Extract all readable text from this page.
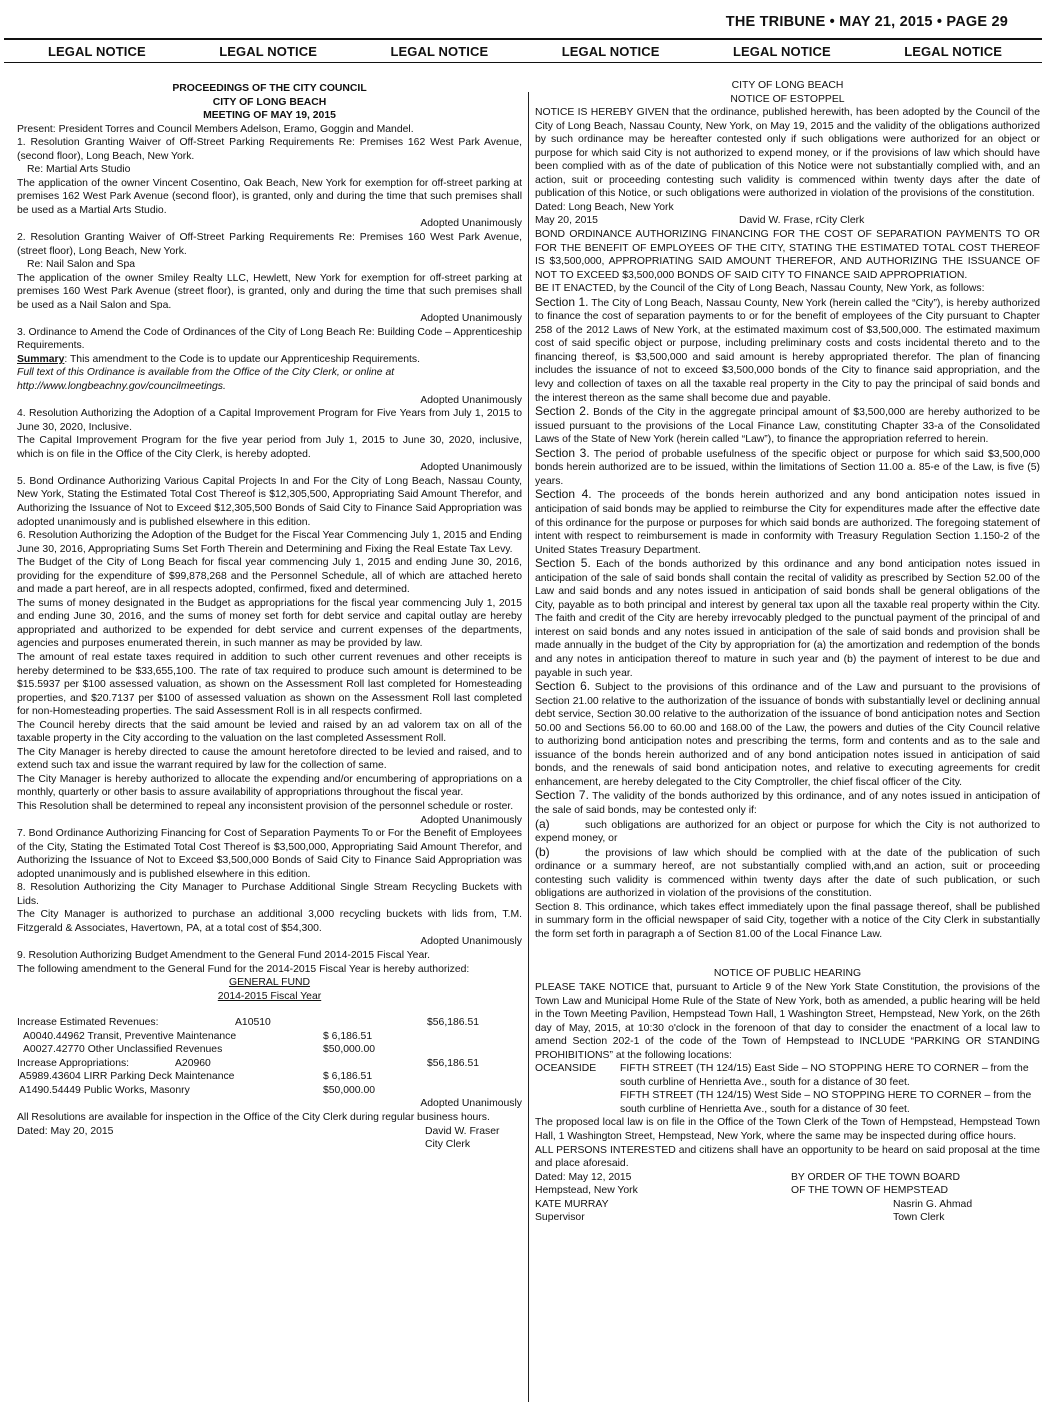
THE TRIBUNE • MAY 21, 2015 • PAGE 29
LEGAL NOTICE	LEGAL NOTICE	LEGAL NOTICE	LEGAL NOTICE	LEGAL NOTICE	LEGAL NOTICE

PROCEEDINGS OF THE CITY COUNCIL

CITY OF LONG BEACH

MEETING OF MAY 19, 2015

Present: President Torres and Council Members Adelson, Eramo, Goggin and Mandel.

1. Resolution Granting Waiver of Off-Street Parking Requirements Re: Premises 162 West Park Avenue, (second floor), Long Beach, New York.

Re: Martial Arts Studio

The application of the owner Vincent Cosentino, Oak Beach, New York for exemption for off-street parking at premises 162 West Park Avenue (second floor), is granted, only and during the time that such premises shall be used as a Martial Arts Studio.

Adopted Unanimously

2. Resolution Granting Waiver of Off-Street Parking Requirements Re: Premises 160 West Park Avenue, (street floor), Long Beach, New York.

Re: Nail Salon and Spa

The application of the owner Smiley Realty LLC, Hewlett, New York for exemption for off-street parking at premises 160 West Park Avenue (street floor), is granted, only and during the time that such premises shall be used as a Nail Salon and Spa.

Adopted Unanimously

3. Ordinance to Amend the Code of Ordinances of the City of Long Beach Re: Building Code – Apprenticeship Requirements.

Summary: This amendment to the Code is to update our Apprenticeship Requirements.

Full text of this Ordinance is available from the Office of the City Clerk, or online at

http://www.longbeachny.gov/councilmeetings.

Adopted Unanimously

4. Resolution Authorizing the Adoption of a Capital Improvement Program for Five Years from July 1, 2015 to June 30, 2020, Inclusive.

The Capital Improvement Program for the five year period from July 1, 2015 to June 30, 2020, inclusive, which is on file in the Office of the City Clerk, is hereby adopted.

Adopted Unanimously

5. Bond Ordinance Authorizing Various Capital Projects In and For the City of Long Beach, Nassau County, New York, Stating the Estimated Total Cost Thereof is $12,305,500, Appropriating Said Amount Therefor, and Authorizing the Issuance of Not to Exceed $12,305,500 Bonds of Said City to Finance Said Appropriation was adopted unanimously and is published elsewhere in this edition.

6. Resolution Authorizing the Adoption of the Budget for the Fiscal Year Commencing July 1, 2015 and Ending June 30, 2016, Appropriating Sums Set Forth Therein and Determining and Fixing the Real Estate Tax Levy.

The Budget of the City of Long Beach for fiscal year commencing July 1, 2015 and ending June 30, 2016, providing for the expenditure of $99,878,268 and the Personnel Schedule, all of which are attached hereto and made a part hereof, are in all respects adopted, confirmed, fixed and determined.

The sums of money designated in the Budget as appropriations for the fiscal year commencing July 1, 2015 and ending June 30, 2016, and the sums of money set forth for debt service and capital outlay are hereby appropriated and authorized to be expended for debt service and current expenses of the departments, agencies and purposes enumerated therein, in such manner as may be provided by law.

The amount of real estate taxes required in addition to such other current revenues and other receipts is hereby determined to be $33,655,100. The rate of tax required to produce such amount is determined to be $15.5937 per $100 assessed valuation, as shown on the Assessment Roll last completed for Homesteading properties, and $20.7137 per $100 of assessed valuation as shown on the Assessment Roll last completed for non-Homesteading properties. The said Assessment Roll is in all respects confirmed.

The Council hereby directs that the said amount be levied and raised by an ad valorem tax on all of the taxable property in the City according to the valuation on the last completed Assessment Roll.

The City Manager is hereby directed to cause the amount heretofore directed to be levied and raised, and to extend such tax and issue the warrant required by law for the collection of same.

The City Manager is hereby authorized to allocate the expending and/or encumbering of appropriations on a monthly, quarterly or other basis to assure availability of appropriations throughout the fiscal year.

This Resolution shall be determined to repeal any inconsistent provision of the personnel schedule or roster.

Adopted Unanimously

7. Bond Ordinance Authorizing Financing for Cost of Separation Payments To or For the Benefit of Employees of the City, Stating the Estimated Total Cost Thereof is $3,500,000, Appropriating Said Amount Therefor, and Authorizing the Issuance of Not to Exceed $3,500,000 Bonds of Said City to Finance Said Appropriation was adopted unanimously and is published elsewhere in this edition.

8. Resolution Authorizing the City Manager to Purchase Additional Single Stream Recycling Buckets with Lids.

The City Manager is authorized to purchase an additional 3,000 recycling buckets with lids from, T.M. Fitzgerald & Associates, Havertown, PA, at a total cost of $54,300.

Adopted Unanimously

9. Resolution Authorizing Budget Amendment to the General Fund 2014-2015 Fiscal Year.

The following amendment to the General Fund for the 2014-2015 Fiscal Year is hereby authorized:

GENERAL FUND

2014-2015 Fiscal Year

Increase Estimated Revenues:	A10510	$56,186.51
A0040.44962 Transit, Preventive Maintenance	$ 6,186.51
A0027.42770 Other Unclassified Revenues	$50,000.00
Increase Appropriations:	A20960	$56,186.51
A5989.43604 LIRR Parking Deck Maintenance	$ 6,186.51
A1490.54449 Public Works, Masonry	$50,000.00

Adopted Unanimously

All Resolutions are available for inspection in the Office of the City Clerk during regular business hours.

Dated: May 20, 2015	David W. Fraser
City Clerk

CITY OF LONG BEACH

NOTICE OF ESTOPPEL

NOTICE IS HEREBY GIVEN that the ordinance, published herewith, has been adopted by the Council of the City of Long Beach, Nassau County, New York, on May 19, 2015 and the validity of the obligations authorized by such ordinance may be hereafter contested only if such obligations were authorized for an object or purpose for which said City is not authorized to expend money, or if the provisions of law which should have been complied with as of the date of publication of this Notice were not substantially complied with, and an action, suit or proceeding contesting such validity is commenced within twenty days after the date of publication of this Notice, or such obligations were authorized in violation of the provisions of the constitution.

Dated: Long Beach, New York

May 20, 2015	David W. Frase, rCity Clerk

BOND ORDINANCE AUTHORIZING FINANCING FOR THE COST OF SEPARATION PAYMENTS TO OR FOR THE BENEFIT OF EMPLOYEES OF THE CITY, STATING THE ESTIMATED TOTAL COST THEREOF IS $3,500,000, APPROPRIATING SAID AMOUNT THEREFOR, AND AUTHORIZING THE ISSUANCE OF NOT TO EXCEED $3,500,000 BONDS OF SAID CITY TO FINANCE SAID APPROPRIATION.

BE IT ENACTED, by the Council of the City of Long Beach, Nassau County, New York, as follows:

Section 1. The City of Long Beach, Nassau County, New York (herein called the “City”), is hereby authorized to finance the cost of separation payments to or for the benefit of employees of the City pursuant to Chapter 258 of the 2012 Laws of New York, at the estimated maximum cost of $3,500,000. The estimated maximum cost of said specific object or purpose, including preliminary costs and costs incidental thereto and to the financing thereof, is $3,500,000 and said amount is hereby appropriated therefor. The plan of financing includes the issuance of not to exceed $3,500,000 bonds of the City to finance said appropriation, and the levy and collection of taxes on all the taxable real property in the City to pay the principal of said bonds and the interest thereon as the same shall become due and payable.

Section 2. Bonds of the City in the aggregate principal amount of $3,500,000 are hereby authorized to be issued pursuant to the provisions of the Local Finance Law, constituting Chapter 33-a of the Consolidated Laws of the State of New York (herein called “Law”), to finance the appropriation referred to herein.

Section 3. The period of probable usefulness of the specific object or purpose for which said $3,500,000 bonds herein authorized are to be issued, within the limitations of Section 11.00 a. 85-e of the Law, is five (5) years.

Section 4. The proceeds of the bonds herein authorized and any bond anticipation notes issued in anticipation of said bonds may be applied to reimburse the City for expenditures made after the effective date of this ordinance for the purpose or purposes for which said bonds are authorized. The foregoing statement of intent with respect to reimbursement is made in conformity with Treasury Regulation Section 1.150-2 of the United States Treasury Department.

Section 5. Each of the bonds authorized by this ordinance and any bond anticipation notes issued in anticipation of the sale of said bonds shall contain the recital of validity as prescribed by Section 52.00 of the Law and said bonds and any notes issued in anticipation of said bonds shall be general obligations of the City, payable as to both principal and interest by general tax upon all the taxable real property within the City. The faith and credit of the City are hereby irrevocably pledged to the punctual payment of the principal of and interest on said bonds and any notes issued in anticipation of the sale of said bonds and provision shall be made annually in the budget of the City by appropriation for (a) the amortization and redemption of the bonds and any notes in anticipation thereof to mature in such year and (b) the payment of interest to be due and payable in such year.

Section 6. Subject to the provisions of this ordinance and of the Law and pursuant to the provisions of Section 21.00 relative to the authorization of the issuance of bonds with substantially level or declining annual debt service, Section 30.00 relative to the authorization of the issuance of bond anticipation notes and Section 50.00 and Sections 56.00 to 60.00 and 168.00 of the Law, the powers and duties of the City Council relative to authorizing bond anticipation notes and prescribing the terms, form and contents and as to the sale and issuance of the bonds herein authorized and of any bond anticipation notes issued in anticipation of said bonds, and the renewals of said bond anticipation notes, and relative to executing agreements for credit enhancement, are hereby delegated to the City Comptroller, the chief fiscal officer of the City.

Section 7. The validity of the bonds authorized by this ordinance, and of any notes issued in anticipation of the sale of said bonds, may be contested only if:

(a)	such obligations are authorized for an object or purpose for which the City is not authorized to expend money, or

(b)	the provisions of law which should be complied with at the date of the publication of such ordinance or a summary hereof, are not substantially complied with,and an action, suit or proceeding contesting such validity is commenced within twenty days after the date of such publication, or such obligations are authorized in violation of the provisions of the constitution.

Section 8. This ordinance, which takes effect immediately upon the final passage thereof, shall be published in summary form in the official newspaper of said City, together with a notice of the City Clerk in substantially the form set forth in paragraph a of Section 81.00 of the Local Finance Law.

NOTICE OF PUBLIC HEARING

PLEASE TAKE NOTICE that, pursuant to Article 9 of the New York State Constitution, the provisions of the Town Law and Municipal Home Rule of the State of New York, both as amended, a public hearing will be held in the Town Meeting Pavilion, Hempstead Town Hall, 1 Washington Street, Hempstead, New York, on the 26th day of May, 2015, at 10:30 o'clock in the forenoon of that day to consider the enactment of a local law to amend Section 202-1 of the code of the Town of Hempstead to INCLUDE “PARKING OR STANDING PROHIBITIONS” at the following locations:

OCEANSIDE	FIFTH STREET (TH 124/15) East Side – NO STOPPING HERE TO CORNER – from the south curbline of Henrietta Ave., south for a distance of 30 feet.

FIFTH STREET (TH 124/15) West Side – NO STOPPING HERE TO CORNER – from the south curbline of Henrietta Ave., south for a distance of 30 feet.

The proposed local law is on file in the Office of the Town Clerk of the Town of Hempstead, Hempstead Town Hall, 1 Washington Street, Hempstead, New York, where the same may be inspected during office hours.

ALL PERSONS INTERESTED and citizens shall have an opportunity to be heard on said proposal at the time and place aforesaid.

Dated: May 12, 2015	BY ORDER OF THE TOWN BOARD
Hempstead, New York	OF THE TOWN OF HEMPSTEAD
KATE MURRAY	Nasrin G. Ahmad
Supervisor	Town Clerk
